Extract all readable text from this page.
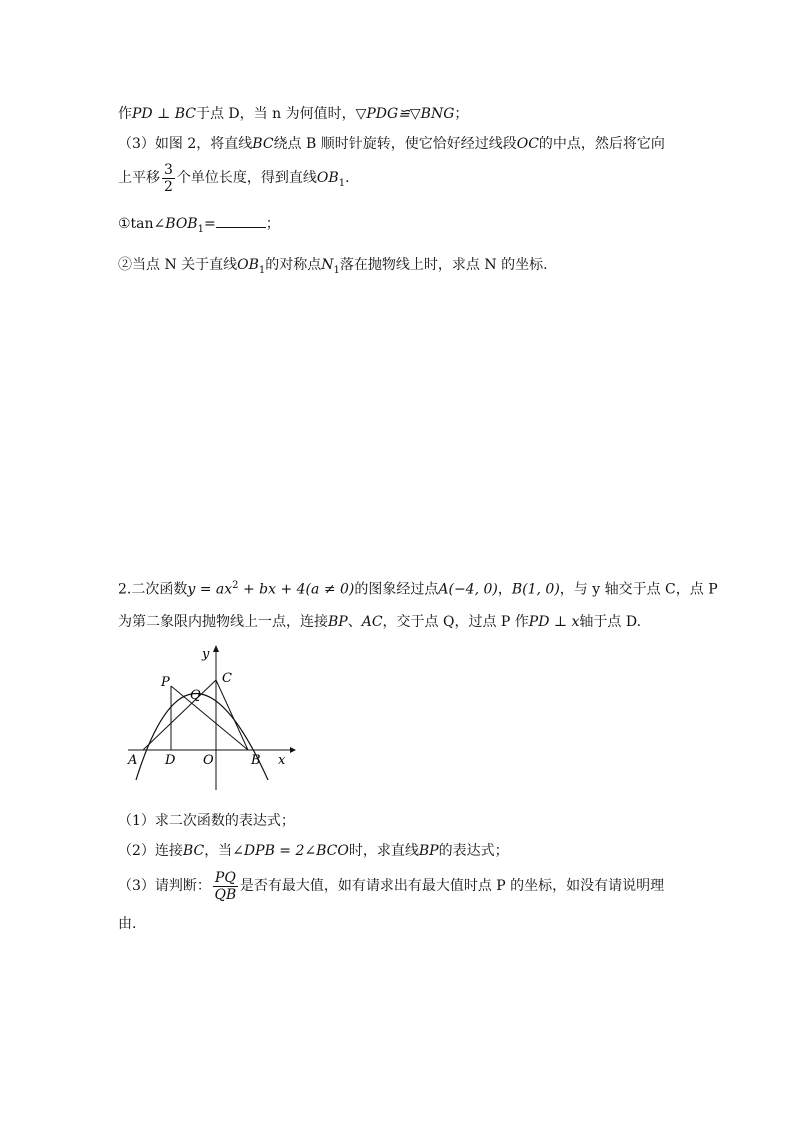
作PD ⊥ BC于点 D，当 n 为何值时，▽PDG≌▽BNG；
（3）如图 2，将直线BC绕点 B 顺时针旋转，使它恰好经过线段OC的中点，然后将它向
上平移 $\frac{3}{2}$ 个单位长度，得到直线$OB_1$.
$①\tan\angle BOB_1=$	；
②当点 N 关于直线$OB_1$的对称点$N_1$落在抛物线上时，求点 N 的坐标.
2.二次函数$y = ax^2$ + bx + 4(a ≠ 0)的图象经过点A(−4, 0)，B(1, 0)，与 y 轴交于点 C，点 P
为第二象限内抛物线上一点，连接BP、AC，交于点 Q，过点 P 作PD ⊥ x轴于点 D.
y
x
P	C
Q
A D O	B
（1）求二次函数的表达式；
（2）连接BC，当∠DPB = 2∠BCO时，求直线BP的表达式；
（3）请判断： $\frac{PQ}{QB}$ 是否有最大值，如有请求出有最大值时点 P 的坐标，如没有请说明理
由.
